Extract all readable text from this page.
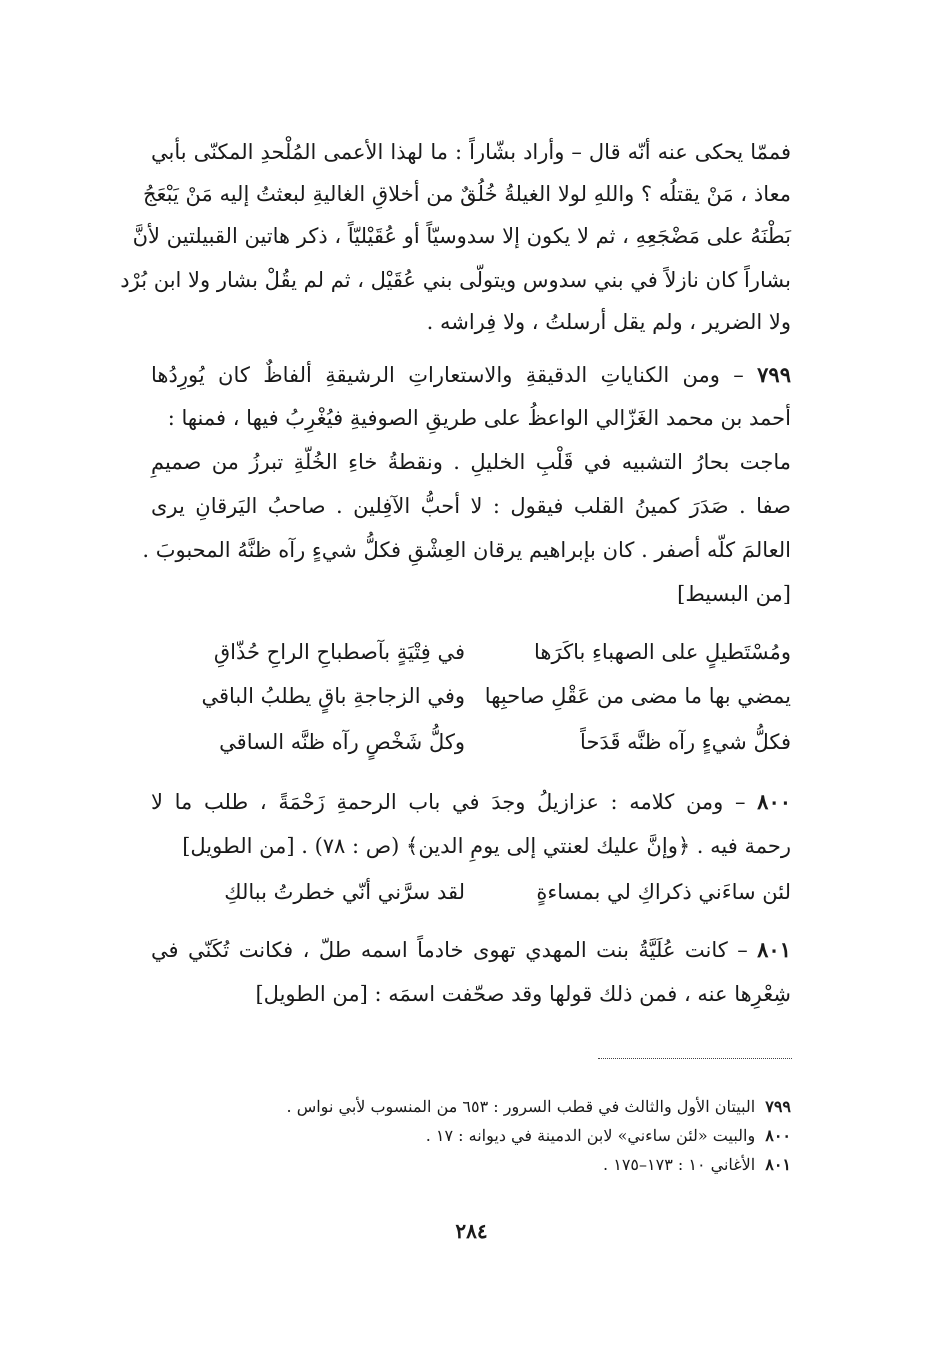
فممّا يحكى عنه أنّه قال – وأراد بشّاراً : ما لهذا الأعمى المُلْحدِ المكنّى بأبي
معاذ ، مَنْ يقتلُه ؟ واللهِ لولا الغيلةُ خُلُقٌ من أخلاقِ الغاليةِ لبعثتُ إليه مَنْ يَبْعَجُ
بَطْنَهُ على مَضْجَعِهِ ، ثم لا يكون إلا سدوسيّاً أو عُقَيْليّاً ، ذكر هاتين القبيلتين لأنَّ
بشاراً كان نازلاً في بني سدوس ويتولّى بني عُقَيْل ، ثم لم يقُلْ بشار ولا ابن بُرْد
ولا الضرير ، ولم يقل أرسلتُ ، ولا فِراشه .
٧٩٩ – ومن الكناياتِ الدقيقةِ والاستعاراتِ الرشيقةِ ألفاظٌ كان يُورِدُها
أحمد بن محمد الغَزّالي الواعظُ على طريقِ الصوفيةِ فيُغْرِبُ فيها ، فمنها :
ماجت بحارُ التشبيه في قَلْبِ الخليلِ . ونقطةُ خاءِ الخُلّةِ تبرزُ من صميمِ
صفا . صَدَرَ كمينُ القلب فيقول : لا أحبُّ الآفِلين . صاحبُ اليَرقانِ يرى
العالمَ كلّه أصفر . كان بإبراهيم يرقان العِشْقِ فكلُّ شيءٍ رآه ظنَّهُ المحبوبَ .
[من البسيط]
ومُسْتَطيلٍ على الصهباءِ باكَرَها
في فِتْيَةٍ بآصطباحِ الراحِ حُذّاقِ
يمضي بها ما مضى من عَقْلِ صاحبِها
وفي الزجاجةِ باقٍ يطلبُ الباقي
فكلُّ شيءٍ رآه ظنَّه قَدَحاً
وكلُّ شَخْصٍ رآه ظنَّه الساقي
٨٠٠ – ومن كلامه : عزازيلُ وجدَ في باب الرحمةِ زَحْمَةً ، طلب ما لا
رحمة فيه . ﴿وإنَّ عليك لعنتي إلى يومِ الدين﴾ (ص : ٧٨) . [من الطويل]
لئن ساءَني ذكراكِ لي بمساءةٍ
لقد سرَّني أنّي خطرتُ ببالكِ
٨٠١ – كانت عُلَيَّةُ بنت المهدي تهوى خادماً اسمه طلّ ، فكانت تُكَنّي في
شِعْرِها عنه ، فمن ذلك قولها وقد صحّفت اسمَه : [من الطويل]
٧٩٩البيتان الأول والثالث في قطب السرور : ٦٥٣ من المنسوب لأبي نواس .
٨٠٠والبيت «لئن ساءني» لابن الدمينة في ديوانه : ١٧ .
٨٠١الأغاني ١٠ : ١٧٣–١٧٥ .
٢٨٤
